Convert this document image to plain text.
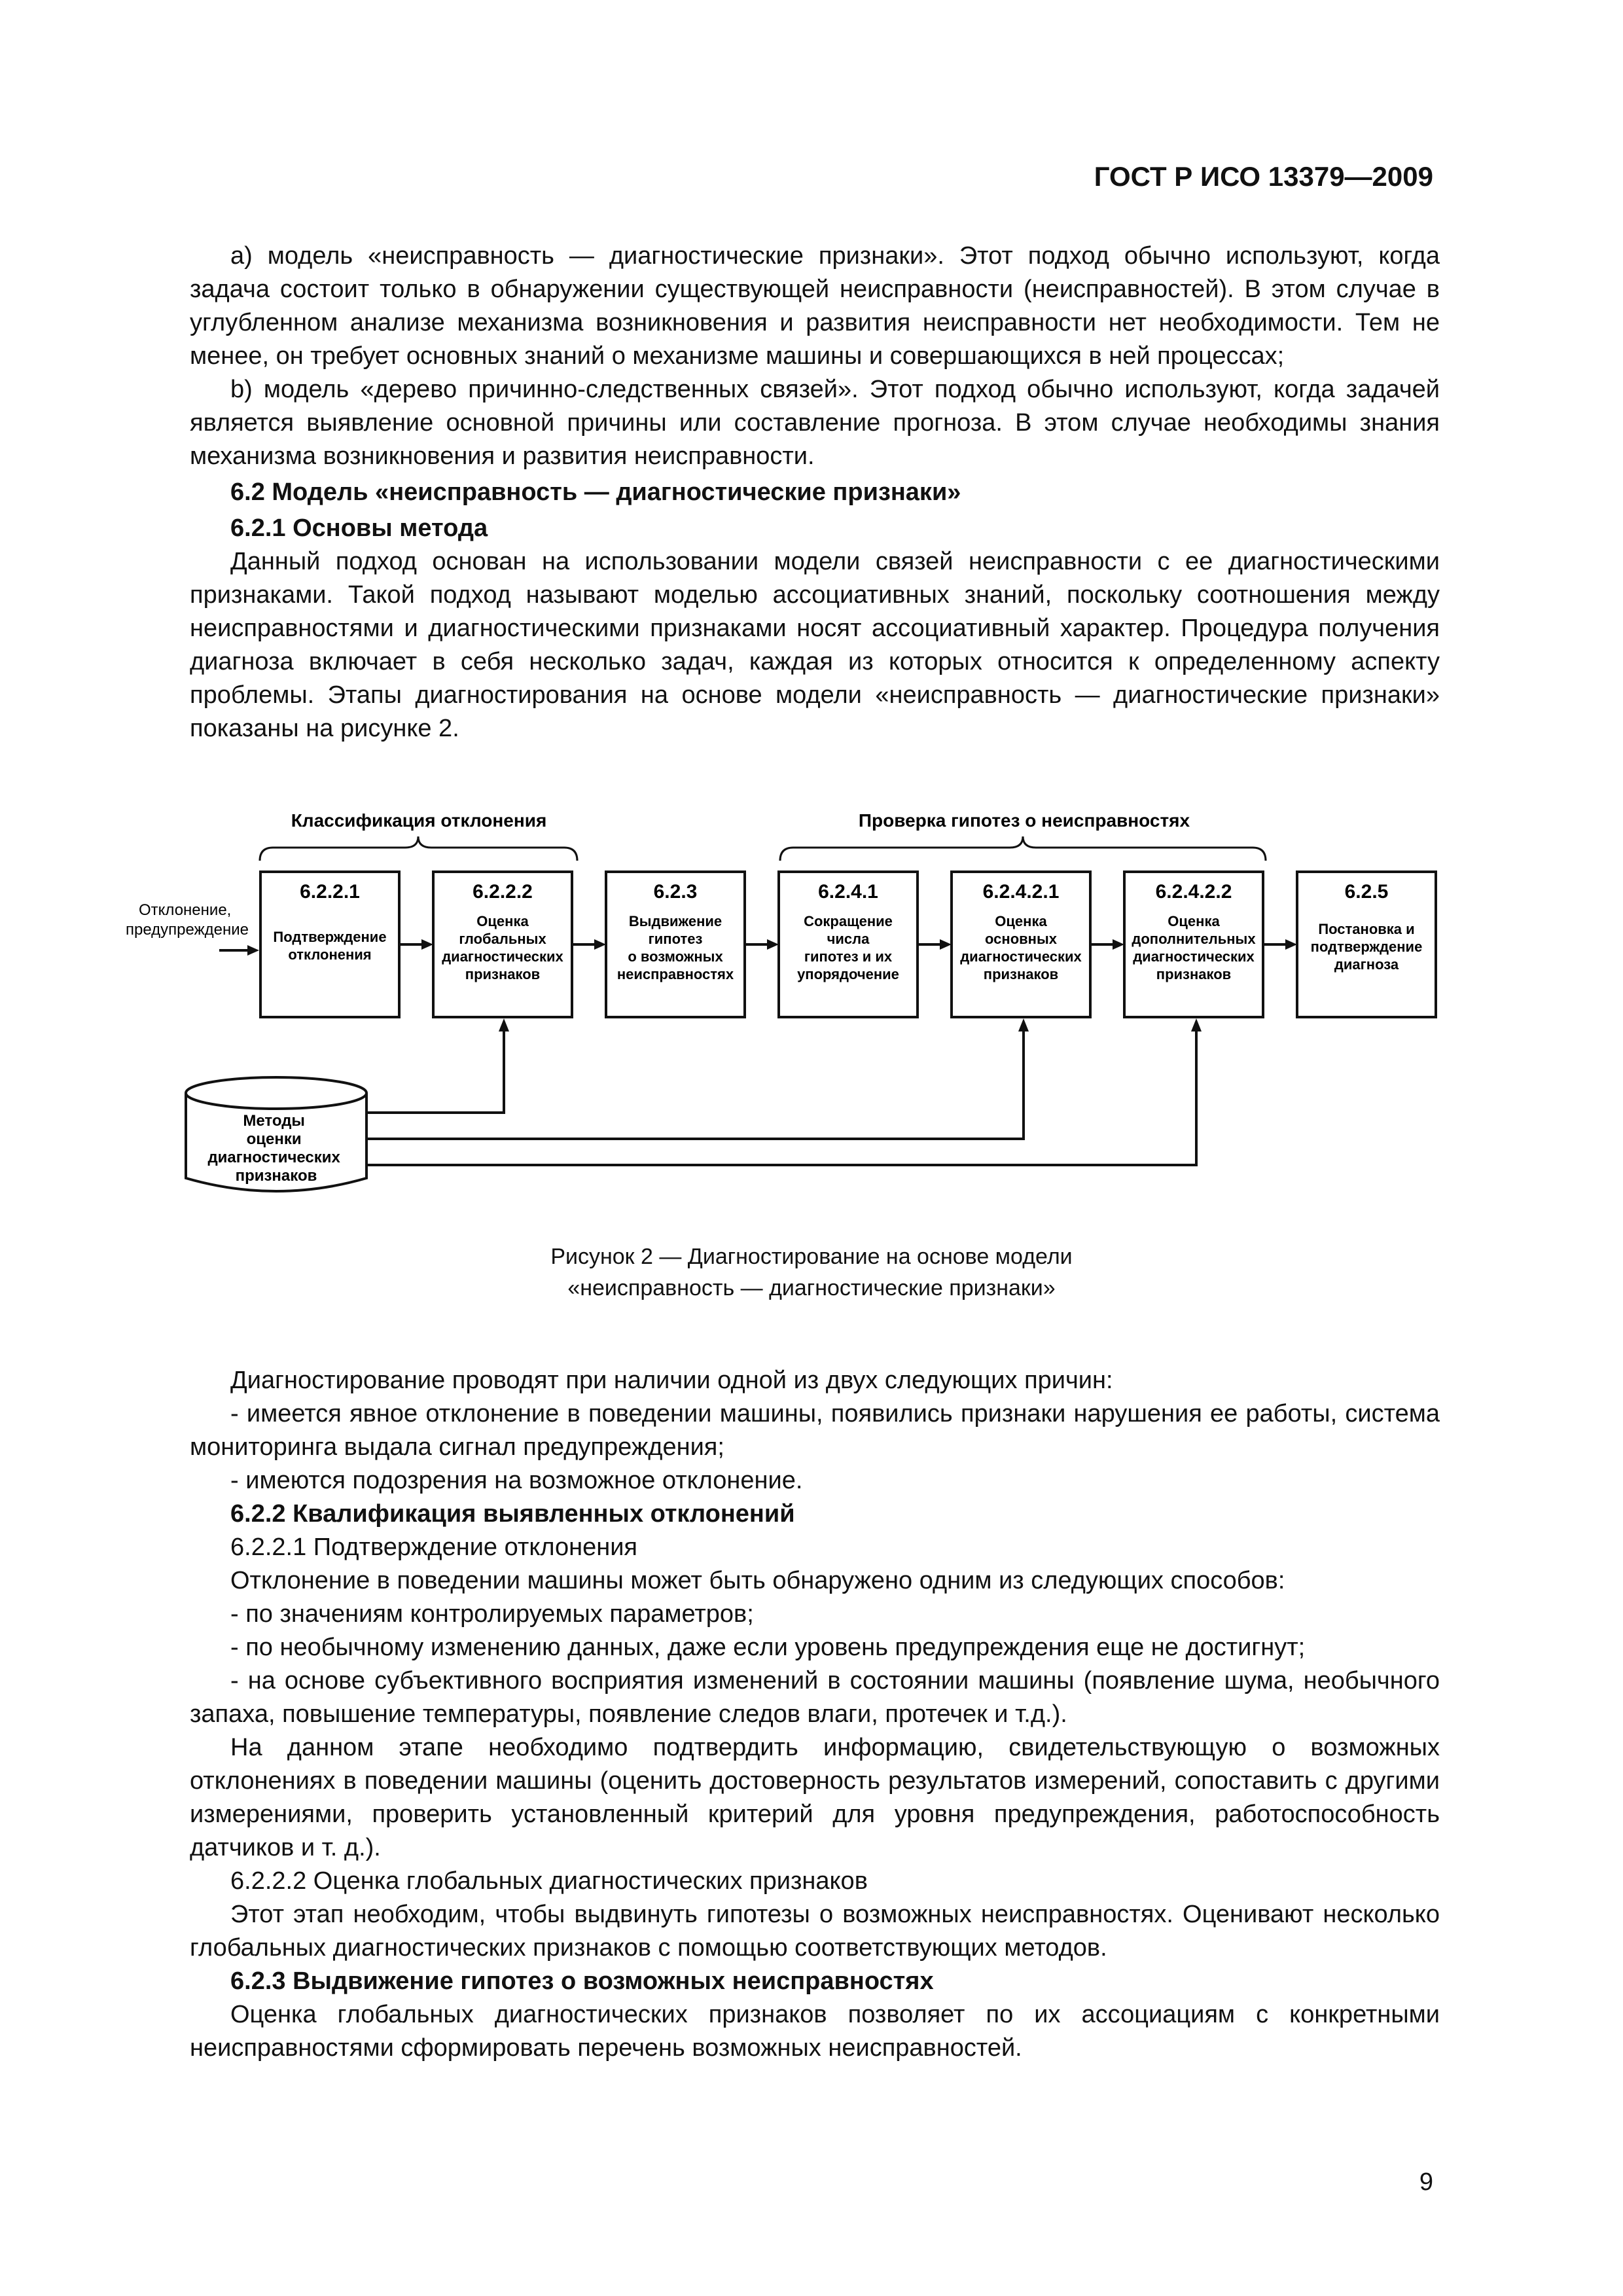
ГОСТ Р ИСО 13379—2009

a) модель «неисправность — диагностические признаки». Этот подход обычно используют, когда задача состоит только в обнаружении существующей неисправности (неисправностей). В этом случае в углубленном анализе механизма возникновения и развития неисправности нет необходимости. Тем не менее, он требует основных знаний о механизме машины и совершающихся в ней процессах;

b) модель «дерево причинно-следственных связей». Этот подход обычно используют, когда задачей является выявление основной причины или составление прогноза. В этом случае необходимы знания механизма возникновения и развития неисправности.

6.2 Модель «неисправность — диагностические признаки»

6.2.1 Основы метода

Данный подход основан на использовании модели связей неисправности с ее диагностическими признаками. Такой подход называют моделью ассоциативных знаний, поскольку соотношения между неисправностями и диагностическими признаками носят ассоциативный характер. Процедура получения диагноза включает в себя несколько задач, каждая из которых относится к определенному аспекту проблемы. Этапы диагностирования на основе модели «неисправность — диагностические признаки» показаны на рисунке 2.

Классификация отклонения	Проверка гипотез о неисправностях
Отклонение, предупреждение
6.2.2.1
Подтверждение
отклонения
6.2.2.2
Оценка
глобальных
диагностических
признаков
6.2.3
Выдвижение
гипотез
о возможных
неисправностях
6.2.4.1
Сокращение
числа
гипотез и их
упорядочение
6.2.4.2.1
Оценка
основных
диагностических
признаков
6.2.4.2.2
Оценка
дополнительных
диагностических
признаков
6.2.5
Постановка и
подтверждение
диагноза
Методы оценки диагностических признаков
Рисунок 2 — Диагностирование на основе модели
«неисправность — диагностические признаки»

Диагностирование проводят при наличии одной из двух следующих причин:

- имеется явное отклонение в поведении машины, появились признаки нарушения ее работы, система мониторинга выдала сигнал предупреждения;

- имеются подозрения на возможное отклонение.

6.2.2 Квалификация выявленных отклонений

6.2.2.1 Подтверждение отклонения

Отклонение в поведении машины может быть обнаружено одним из следующих способов:

- по значениям контролируемых параметров;

- по необычному изменению данных, даже если уровень предупреждения еще не достигнут;

- на основе субъективного восприятия изменений в состоянии машины (появление шума, необычного запаха, повышение температуры, появление следов влаги, протечек и т.д.).

На данном этапе необходимо подтвердить информацию, свидетельствующую о возможных отклонениях в поведении машины (оценить достоверность результатов измерений, сопоставить с другими измерениями, проверить установленный критерий для уровня предупреждения, работоспособность датчиков и т. д.).

6.2.2.2 Оценка глобальных диагностических признаков

Этот этап необходим, чтобы выдвинуть гипотезы о возможных неисправностях. Оценивают несколько глобальных диагностических признаков с помощью соответствующих методов.

6.2.3 Выдвижение гипотез о возможных неисправностях

Оценка глобальных диагностических признаков позволяет по их ассоциациям с конкретными неисправностями сформировать перечень возможных неисправностей.

9
